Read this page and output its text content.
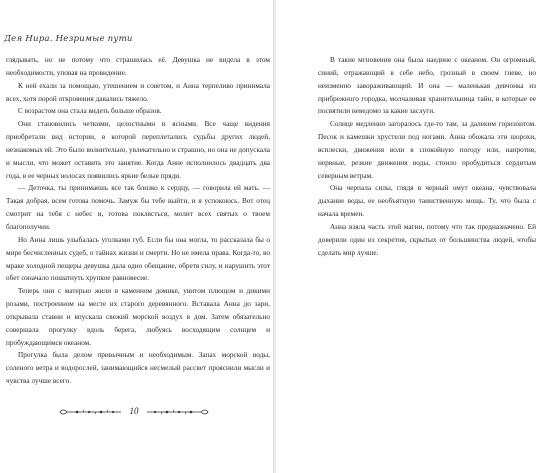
Дея Нира. Незримые пути

глядывать, но не потому что страшилась её. Девушка не видела в этом необходимости, уповая на провидение.

К ней ехали за помощью, утешением и советом, и Анна терпеливо принимала всех, хотя порой откровения давались тяжело.

С возрастом она стала видеть больше образов.

Они становились четкими, целостными и ясными. Все чаще видения приобретали вид истории, в которой переплетались судьбы других людей, незнакомых ей. Это было волнительно, увлекательно и страшно, но она не допускала и мысли, что может оставить это занятие. Когда Анне исполнилось двадцать два года, в ее черных волосах появились яркие белые пряди.

— Деточка, ты принимаешь все так близко к сердцу, — говорила ей мать. — Такая добрая, всем готова помочь. Замуж бы тебе выйти, и я успокоюсь. Вот отец смотрит на тебя с небес и, готова поклясться, молит всех святых о твоем благополучии.

Но Анна лишь улыбалась уголками губ. Если бы она могла, то рассказала бы о мире бесчисленных судеб, о тайнах жизни и смерти. Но не имела права. Когда-то, во мраке холодной пещеры девушка дала одно обещание, обретя силу, и нарушить этот обет означало пошатнуть хрупкое равновесие.

Теперь они с матерью жили в каменном домике, увитом плющом и дикими розами, построенном на месте их старого деревянного. Вставала Анна до зари, открывала ставни и впускала свежий морской воздух в дом. Затем обязательно совершала прогулку вдоль берега, любуясь восходящим солнцем и пробуждающимся океаном.

Прогулка была делом привычным и необходимым. Запах морской воды, соленого ветра и водорослей, занимающийся несмелый рассвет прояснили мысли и чувства лучше всего.

10

В такие мгновения она была наедине с океаном. Он огромный, синий, отражающий в себе небо, грозный в своем гневе, но неизменно завораживающий. И она — маленькая девчонка из прибрежного городка, молчаливая хранительница тайн, в которые ее посвятили неведомо за какие заслуги.

Солнце медленно загоралось где-то там, за далеким горизонтом. Песок и камешки хрустели под ногами. Анна обожала эти шорохи, всплески, движения воли в спокойную погоду или, напротив, нервные, резкие движения воды, стоило пробудиться сердитым северным ветрам.

Она черпала силы, глядя в черный омут океана, чувствовала дыхание воды, ее необъятную таинственную мощь. Ту, что была с начала времен.

Анна взяла часть этой магии, потому что так предназначено. Ей доверили один из секретов, скрытых от большинства людей, чтобы сделать мир лучше.
